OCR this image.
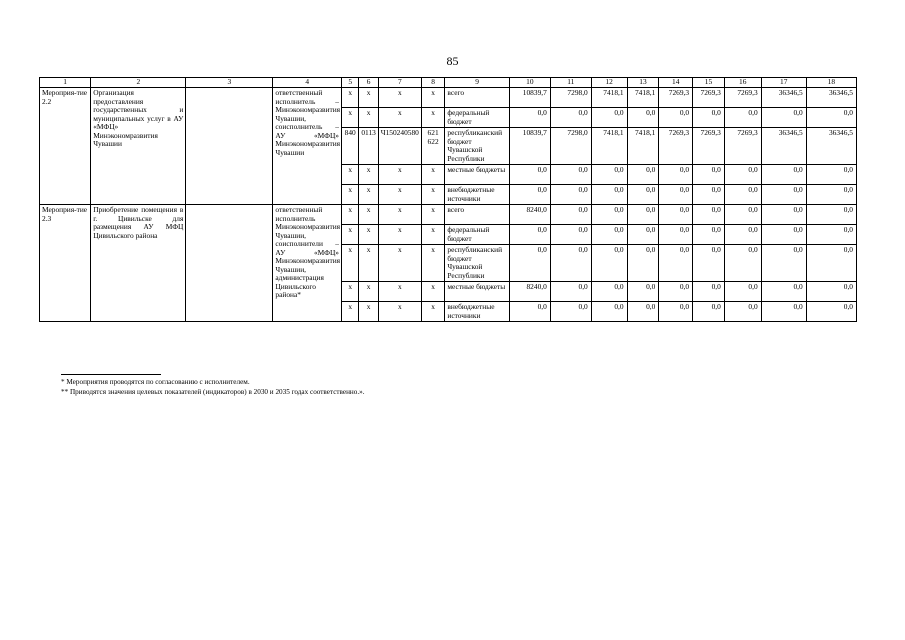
85
1	2	3	4	5	6	7	8	9	10	11	12	13	14	15	16	17	18
Мероприя-тие 2.2	Организация предоставления государственных и муниципальных услуг в АУ «МФЦ» Минэкономразвития Чувашии		ответственный исполнитель – Минэкономразвития Чувашии, соисполнитель – АУ «МФЦ» Минэкономразвития Чувашии	x	x	x	x	всего	10839,7	7298,0	7418,1	7418,1	7269,3	7269,3	7269,3	36346,5	36346,5
				x	x	x	x	федеральный бюджет	0,0	0,0	0,0	0,0	0,0	0,0	0,0	0,0	0,0
				840	0113	Ч150240580	621 622	республиканский бюджет Чувашской Республики	10839,7	7298,0	7418,1	7418,1	7269,3	7269,3	7269,3	36346,5	36346,5
				x	x	x	x	местные бюджеты	0,0	0,0	0,0	0,0	0,0	0,0	0,0	0,0	0,0
				x	x	x	x	внебюджетные источники	0,0	0,0	0,0	0,0	0,0	0,0	0,0	0,0	0,0
Мероприя-тие 2.3	Приобретение помещения в г. Цивильске для размещения АУ МФЦ Цивильского района		ответственный исполнитель Минэкономразвития Чувашии, соисполнители – АУ «МФЦ» Минэкономразвития Чувашии, администрация Цивильского района*	x	x	x	x	всего	8240,0	0,0	0,0	0,0	0,0	0,0	0,0	0,0	0,0
				x	x	x	x	федеральный бюджет	0,0	0,0	0,0	0,0	0,0	0,0	0,0	0,0	0,0
				x	x	x	x	республиканский бюджет Чувашской Республики	0,0	0,0	0,0	0,0	0,0	0,0	0,0	0,0	0,0
				x	x	x	x	местные бюджеты	8240,0	0,0	0,0	0,0	0,0	0,0	0,0	0,0	0,0
				x	x	x	x	внебюджетные источники	0,0	0,0	0,0	0,0	0,0	0,0	0,0	0,0	0,0
* Мероприятия проводятся по согласованию с исполнителем.
** Приводятся значения целевых показателей (индикаторов) в 2030 и 2035 годах соответственно.».
